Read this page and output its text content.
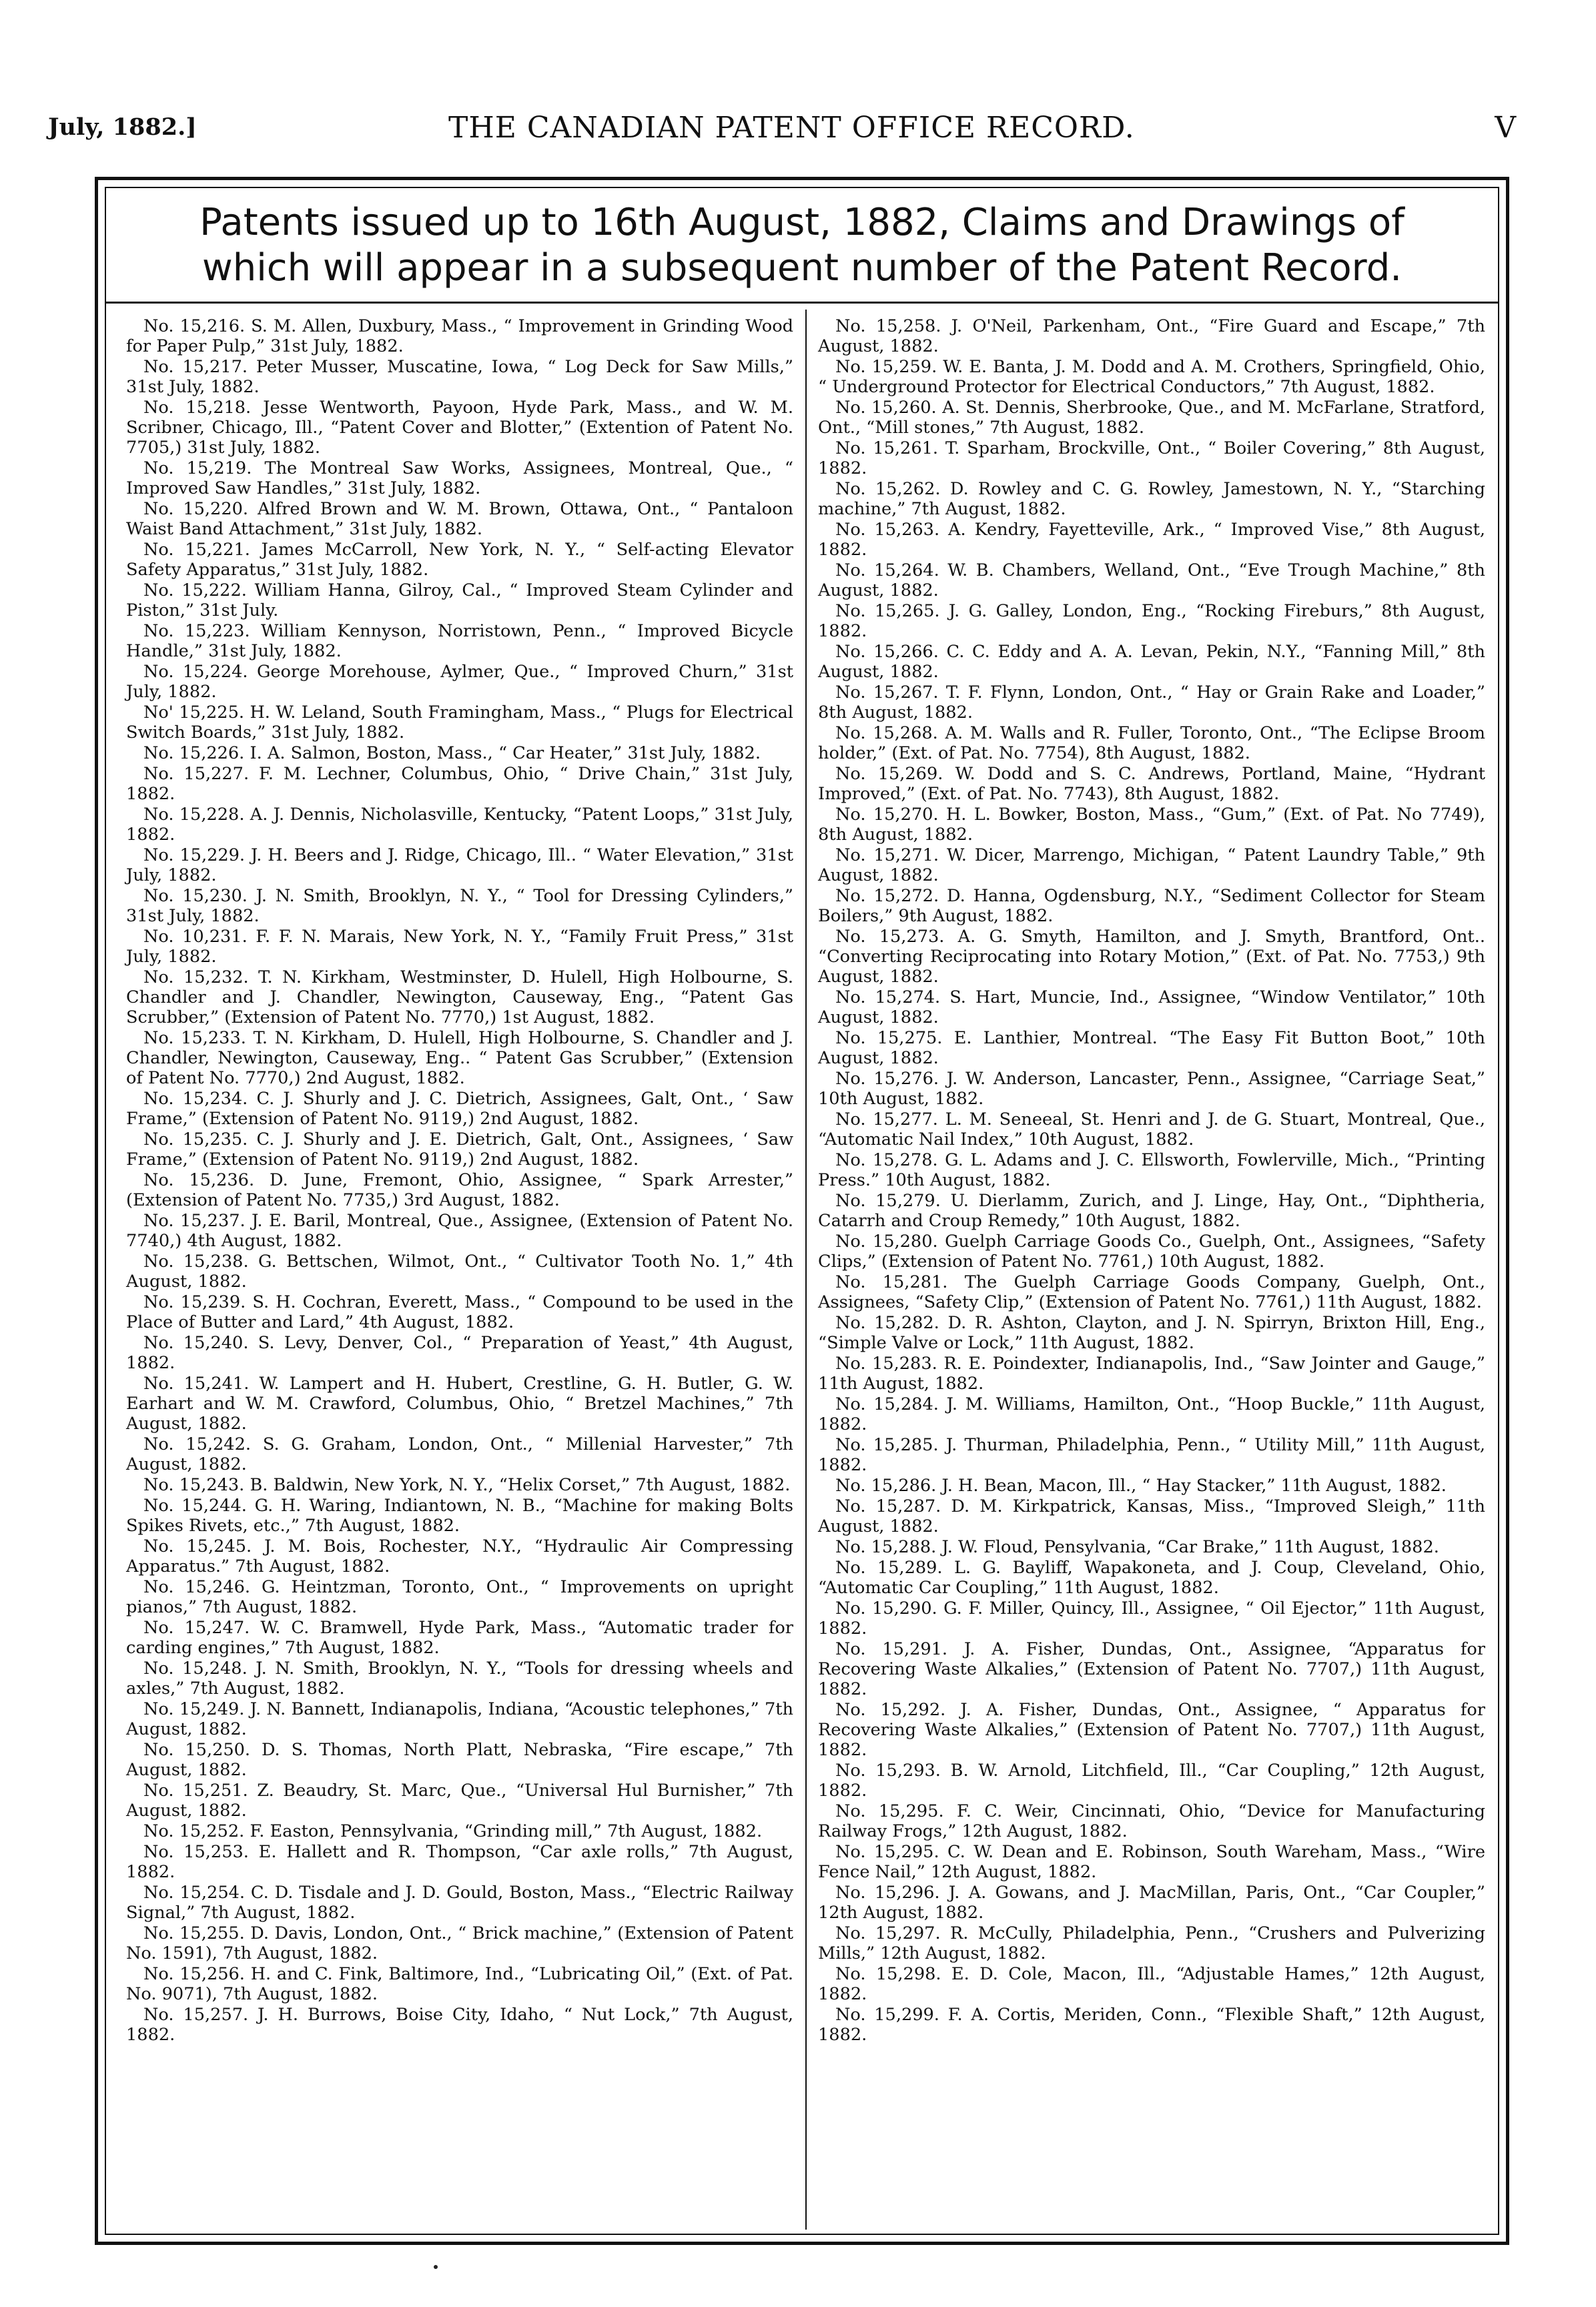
July, 1882.]	THE CANADIAN PATENT OFFICE RECORD.	V
Patents issued up to 16th August, 1882, Claims and Drawings of
which will appear in a subsequent number of the Patent Record.

No. 15,216. S. M. Allen, Duxbury, Mass., “ Improvement in Grinding Wood for Paper Pulp,” 31st July, 1882.

No. 15,217. Peter Musser, Muscatine, Iowa, “ Log Deck for Saw Mills,” 31st July, 1882.

No. 15,218. Jesse Wentworth, Payoon, Hyde Park, Mass., and W. M. Scribner, Chicago, Ill., “Patent Cover and Blotter,” (Extention of Patent No. 7705,) 31st July, 1882.

No. 15,219. The Montreal Saw Works, Assignees, Montreal, Que., “ Improved Saw Handles,” 31st July, 1882.

No. 15,220. Alfred Brown and W. M. Brown, Ottawa, Ont., “ Pantaloon Waist Band Attachment,” 31st July, 1882.

No. 15,221. James McCarroll, New York, N. Y., “ Self-acting Elevator Safety Apparatus,” 31st July, 1882.

No. 15,222. William Hanna, Gilroy, Cal., “ Improved Steam Cylinder and Piston,” 31st July.

No. 15,223. William Kennyson, Norristown, Penn., “ Improved Bicycle Handle,” 31st July, 1882.

No. 15,224. George Morehouse, Aylmer, Que., “ Improved Churn,” 31st July, 1882.

No' 15,225. H. W. Leland, South Framingham, Mass., “ Plugs for Electrical Switch Boards,” 31st July, 1882.

No. 15,226. I. A. Salmon, Boston, Mass., “ Car Heater,” 31st July, 1882.

No. 15,227. F. M. Lechner, Columbus, Ohio, “ Drive Chain,” 31st July, 1882.

No. 15,228. A. J. Dennis, Nicholasville, Kentucky, “Patent Loops,” 31st July, 1882.

No. 15,229. J. H. Beers and J. Ridge, Chicago, Ill.. “ Water Elevation,” 31st July, 1882.

No. 15,230. J. N. Smith, Brooklyn, N. Y., “ Tool for Dressing Cylinders,” 31st July, 1882.

No. 10,231. F. F. N. Marais, New York, N. Y., “Family Fruit Press,” 31st July, 1882.

No. 15,232. T. N. Kirkham, Westminster, D. Hulell, High Holbourne, S. Chandler and J. Chandler, Newington, Causeway, Eng., “Patent Gas Scrubber,” (Extension of Patent No. 7770,) 1st August, 1882.

No. 15,233. T. N. Kirkham, D. Hulell, High Holbourne, S. Chandler and J. Chandler, Newington, Causeway, Eng.. “ Patent Gas Scrubber,” (Extension of Patent No. 7770,) 2nd August, 1882.

No. 15,234. C. J. Shurly and J. C. Dietrich, Assignees, Galt, Ont., ‘ Saw Frame,” (Extension of Patent No. 9119,) 2nd August, 1882.

No. 15,235. C. J. Shurly and J. E. Dietrich, Galt, Ont., Assignees, ‘ Saw Frame,” (Extension of Patent No. 9119,) 2nd August, 1882.

No. 15,236. D. June, Fremont, Ohio, Assignee, “ Spark Arrester,” (Extension of Patent No. 7735,) 3rd August, 1882.

No. 15,237. J. E. Baril, Montreal, Que., Assignee, (Extension of Patent No. 7740,) 4th August, 1882.

No. 15,238. G. Bettschen, Wilmot, Ont., “ Cultivator Tooth No. 1,” 4th August, 1882.

No. 15,239. S. H. Cochran, Everett, Mass., “ Compound to be used in the Place of Butter and Lard,” 4th August, 1882.

No. 15,240. S. Levy, Denver, Col., “ Preparation of Yeast,” 4th August, 1882.

No. 15,241. W. Lampert and H. Hubert, Crestline, G. H. Butler, G. W. Earhart and W. M. Crawford, Columbus, Ohio, “ Bretzel Machines,” 7th August, 1882.

No. 15,242. S. G. Graham, London, Ont., “ Millenial Harvester,” 7th August, 1882.

No. 15,243. B. Baldwin, New York, N. Y., “Helix Corset,” 7th August, 1882.

No. 15,244. G. H. Waring, Indiantown, N. B., “Machine for making Bolts Spikes Rivets, etc.,” 7th August, 1882.

No. 15,245. J. M. Bois, Rochester, N.Y., “Hydraulic Air Compressing Apparatus.” 7th August, 1882.

No. 15,246. G. Heintzman, Toronto, Ont., “ Improvements on upright pianos,” 7th August, 1882.

No. 15,247. W. C. Bramwell, Hyde Park, Mass., “Automatic trader for carding engines,” 7th August, 1882.

No. 15,248. J. N. Smith, Brooklyn, N. Y., “Tools for dressing wheels and axles,” 7th August, 1882.

No. 15,249. J. N. Bannett, Indianapolis, Indiana, “Acoustic telephones,” 7th August, 1882.

No. 15,250. D. S. Thomas, North Platt, Nebraska, “Fire escape,” 7th August, 1882.

No. 15,251. Z. Beaudry, St. Marc, Que., “Universal Hul Burnisher,” 7th August, 1882.

No. 15,252. F. Easton, Pennsylvania, “Grinding mill,” 7th August, 1882.

No. 15,253. E. Hallett and R. Thompson, “Car axle rolls,” 7th August, 1882.

No. 15,254. C. D. Tisdale and J. D. Gould, Boston, Mass., “Electric Railway Signal,” 7th August, 1882.

No. 15,255. D. Davis, London, Ont., “ Brick machine,” (Extension of Patent No. 1591), 7th August, 1882.

No. 15,256. H. and C. Fink, Baltimore, Ind., “Lubricating Oil,” (Ext. of Pat. No. 9071), 7th August, 1882.

No. 15,257. J. H. Burrows, Boise City, Idaho, “ Nut Lock,” 7th August, 1882.

No. 15,258. J. O'Neil, Parkenham, Ont., “Fire Guard and Escape,” 7th August, 1882.

No. 15,259. W. E. Banta, J. M. Dodd and A. M. Crothers, Springfield, Ohio, “ Underground Protector for Electrical Conductors,” 7th August, 1882.

No. 15,260. A. St. Dennis, Sherbrooke, Que., and M. McFarlane, Stratford, Ont., “Mill stones,” 7th August, 1882.

No. 15,261. T. Sparham, Brockville, Ont., “ Boiler Covering,” 8th August, 1882.

No. 15,262. D. Rowley and C. G. Rowley, Jamestown, N. Y., “Starching machine,” 7th August, 1882.

No. 15,263. A. Kendry, Fayetteville, Ark., “ Improved Vise,” 8th August, 1882.

No. 15,264. W. B. Chambers, Welland, Ont., “Eve Trough Machine,” 8th August, 1882.

No. 15,265. J. G. Galley, London, Eng., “Rocking Fireburs,” 8th August, 1882.

No. 15,266. C. C. Eddy and A. A. Levan, Pekin, N.Y., “Fanning Mill,” 8th August, 1882.

No. 15,267. T. F. Flynn, London, Ont., “ Hay or Grain Rake and Loader,” 8th August, 1882.

No. 15,268. A. M. Walls and R. Fuller, Toronto, Ont., “The Eclipse Broom holder,” (Ext. of Pat. No. 7754), 8th August, 1882.

No. 15,269. W. Dodd and S. C. Andrews, Portland, Maine, “Hydrant Improved,” (Ext. of Pat. No. 7743), 8th August, 1882.

No. 15,270. H. L. Bowker, Boston, Mass., “Gum,” (Ext. of Pat. No 7749), 8th August, 1882.

No. 15,271. W. Dicer, Marrengo, Michigan, “ Patent Laundry Table,” 9th August, 1882.

No. 15,272. D. Hanna, Ogdensburg, N.Y., “Sediment Collector for Steam Boilers,” 9th August, 1882.

No. 15,273. A. G. Smyth, Hamilton, and J. Smyth, Brantford, Ont.. “Converting Reciprocating into Rotary Motion,” (Ext. of Pat. No. 7753,) 9th August, 1882.

No. 15,274. S. Hart, Muncie, Ind., Assignee, “Window Ventilator,” 10th August, 1882.

No. 15,275. E. Lanthier, Montreal. “The Easy Fit Button Boot,” 10th August, 1882.

No. 15,276. J. W. Anderson, Lancaster, Penn., Assignee, “Carriage Seat,” 10th August, 1882.

No. 15,277. L. M. Seneeal, St. Henri and J. de G. Stuart, Montreal, Que., “Automatic Nail Index,” 10th August, 1882.

No. 15,278. G. L. Adams and J. C. Ellsworth, Fowlerville, Mich., “Printing Press.” 10th August, 1882.

No. 15,279. U. Dierlamm, Zurich, and J. Linge, Hay, Ont., “Diphtheria, Catarrh and Croup Remedy,” 10th August, 1882.

No. 15,280. Guelph Carriage Goods Co., Guelph, Ont., Assignees, “Safety Clips,” (Extension of Patent No. 7761,) 10th August, 1882.

No. 15,281. The Guelph Carriage Goods Company, Guelph, Ont., Assignees, “Safety Clip,” (Extension of Patent No. 7761,) 11th August, 1882.

No. 15,282. D. R. Ashton, Clayton, and J. N. Spirryn, Brixton Hill, Eng., “Simple Valve or Lock,” 11th August, 1882.

No. 15,283. R. E. Poindexter, Indianapolis, Ind., “Saw Jointer and Gauge,” 11th August, 1882.

No. 15,284. J. M. Williams, Hamilton, Ont., “Hoop Buckle,” 11th August, 1882.

No. 15,285. J. Thurman, Philadelphia, Penn., “ Utility Mill,” 11th August, 1882.

No. 15,286. J. H. Bean, Macon, Ill., “ Hay Stacker,” 11th August, 1882.

No. 15,287. D. M. Kirkpatrick, Kansas, Miss., “Improved Sleigh,” 11th August, 1882.

No. 15,288. J. W. Floud, Pensylvania, “Car Brake,” 11th August, 1882.

No. 15,289. L. G. Bayliff, Wapakoneta, and J. Coup, Cleveland, Ohio, “Automatic Car Coupling,” 11th August, 1882.

No. 15,290. G. F. Miller, Quincy, Ill., Assignee, “ Oil Ejector,” 11th August, 1882.

No. 15,291. J. A. Fisher, Dundas, Ont., Assignee, “Apparatus for Recovering Waste Alkalies,” (Extension of Patent No. 7707,) 11th August, 1882.

No. 15,292. J. A. Fisher, Dundas, Ont., Assignee, “ Apparatus for Recovering Waste Alkalies,” (Extension of Patent No. 7707,) 11th August, 1882.

No. 15,293. B. W. Arnold, Litchfield, Ill., “Car Coupling,” 12th August, 1882.

No. 15,295. F. C. Weir, Cincinnati, Ohio, “Device for Manufacturing Railway Frogs,” 12th August, 1882.

No. 15,295. C. W. Dean and E. Robinson, South Wareham, Mass., “Wire Fence Nail,” 12th August, 1882.

No. 15,296. J. A. Gowans, and J. MacMillan, Paris, Ont., “Car Coupler,” 12th August, 1882.

No. 15,297. R. McCully, Philadelphia, Penn., “Crushers and Pulverizing Mills,” 12th August, 1882.

No. 15,298. E. D. Cole, Macon, Ill., “Adjustable Hames,” 12th August, 1882.

No. 15,299. F. A. Cortis, Meriden, Conn., “Flexible Shaft,” 12th August, 1882.
